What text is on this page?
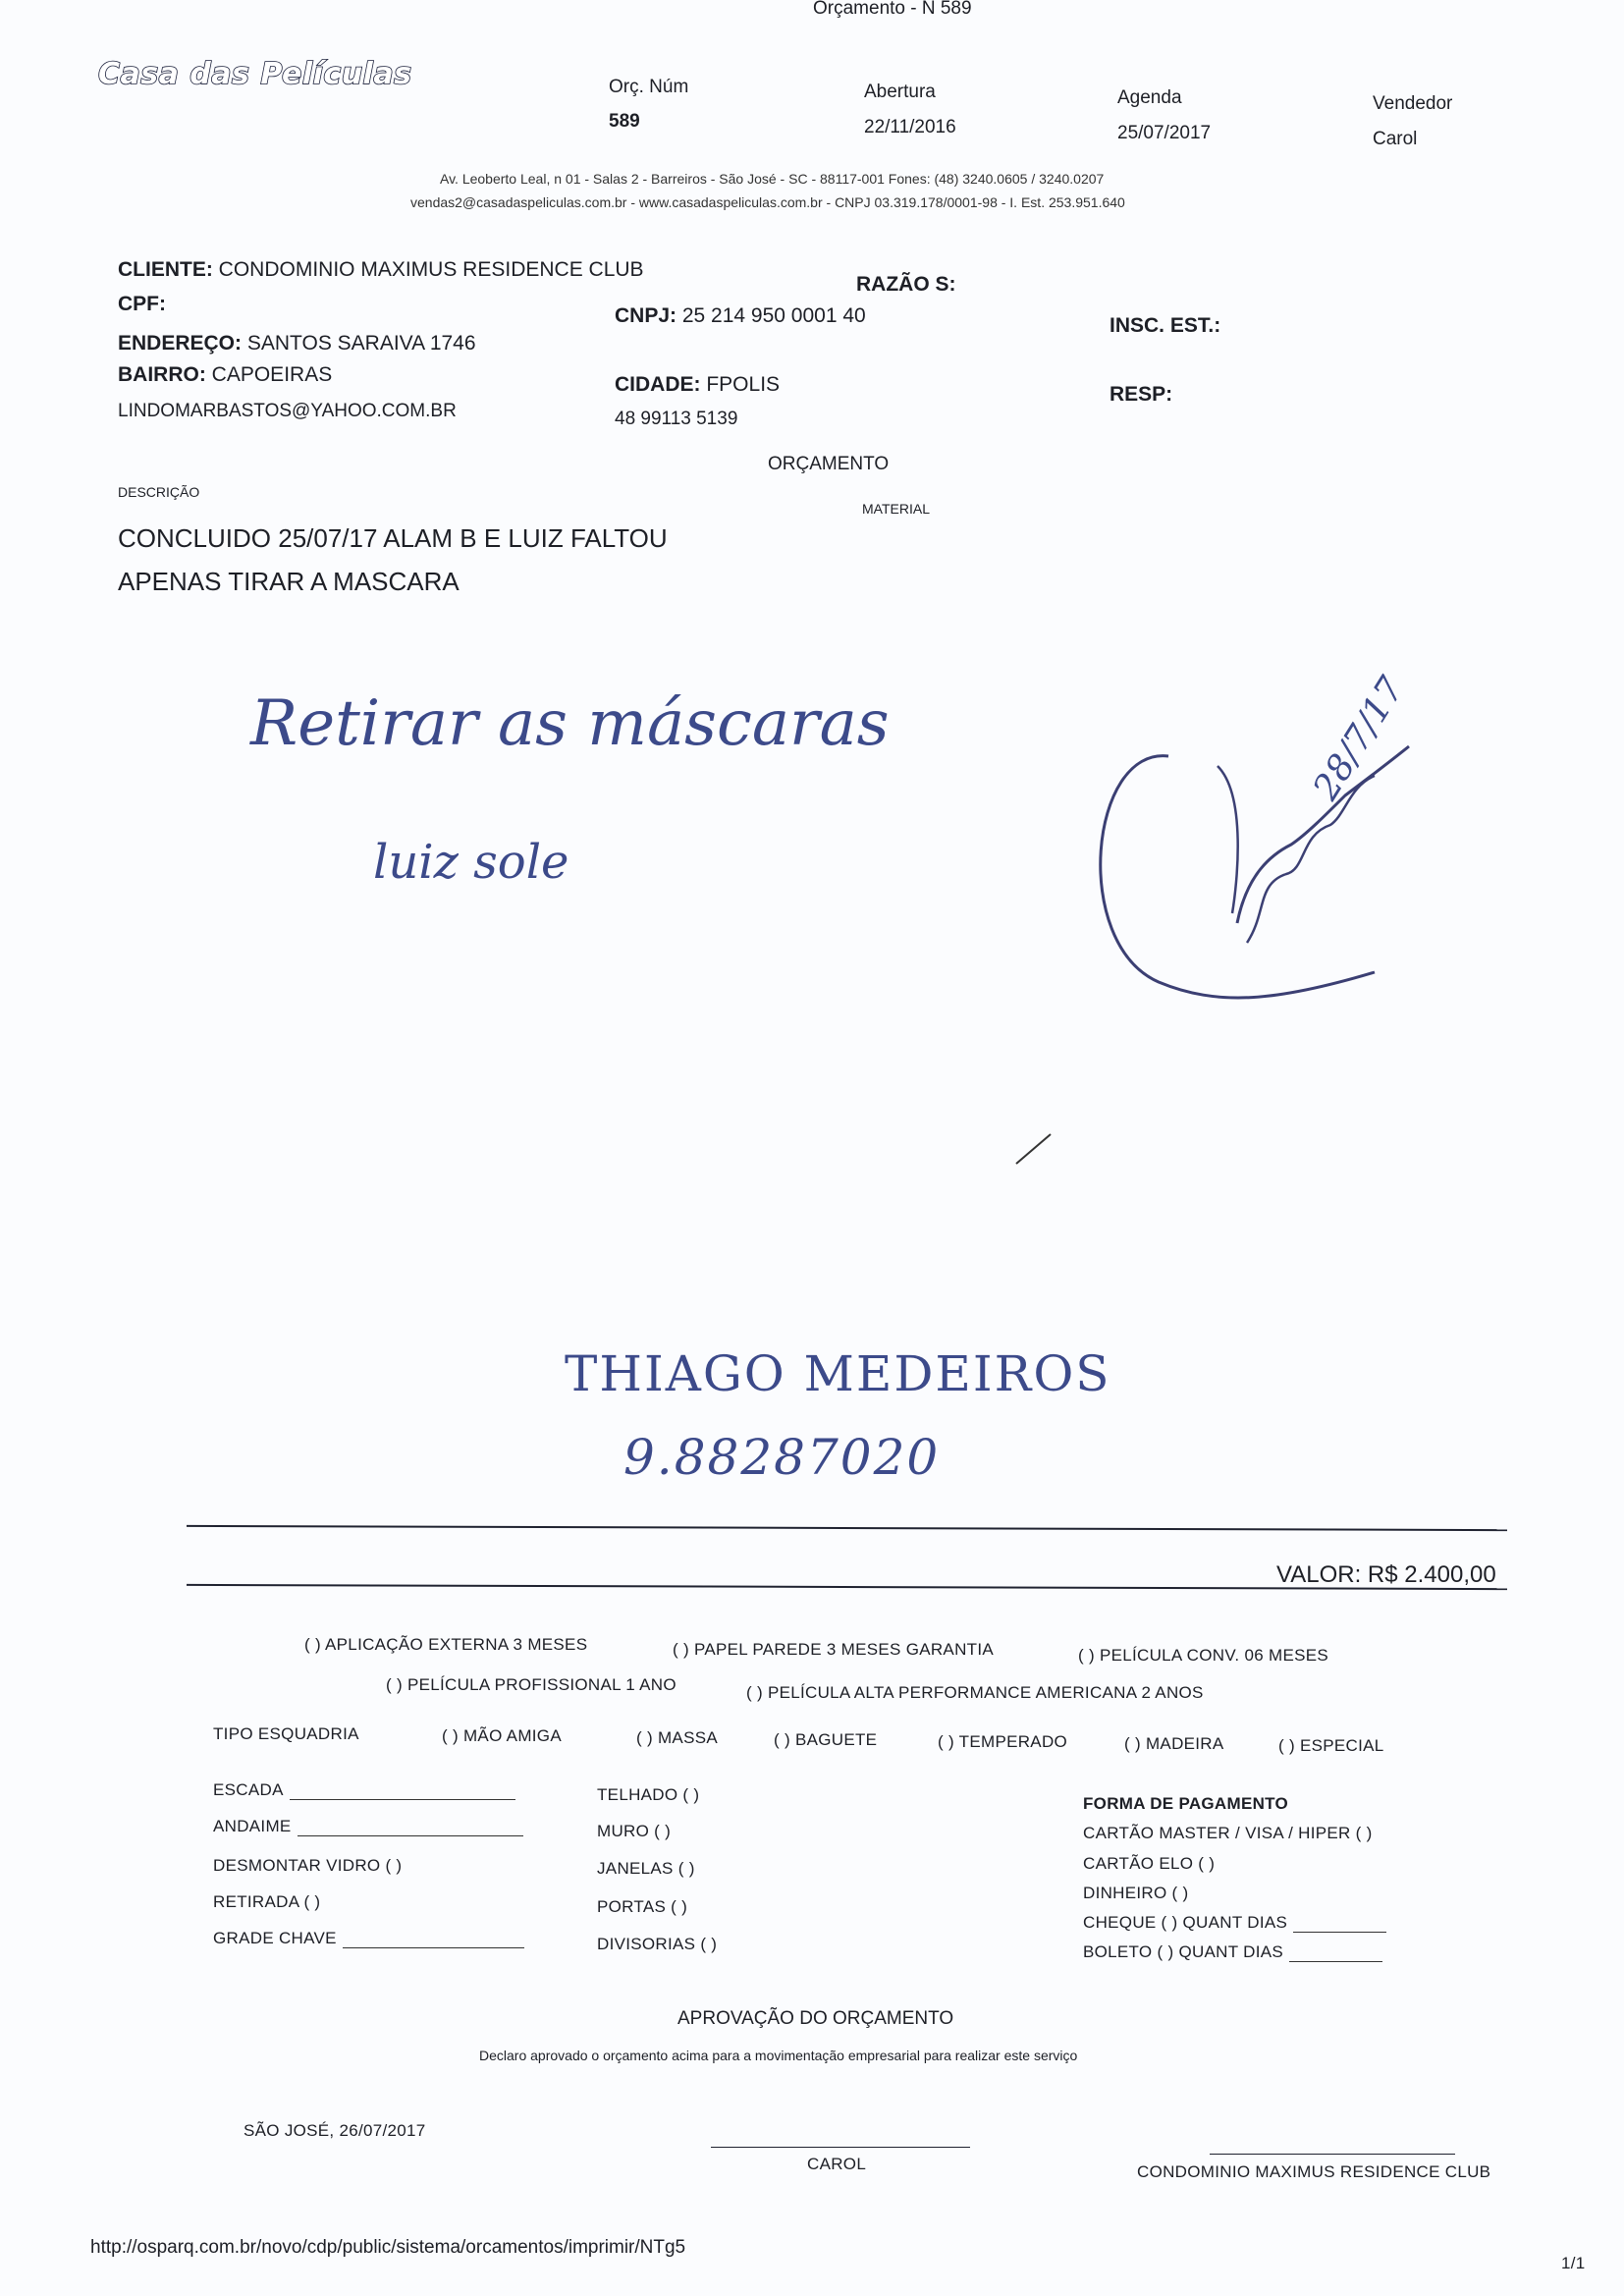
Orçamento - N 589
Casa das Películas	Orç. Núm
589
Abertura
22/11/2016
Agenda
25/07/2017
Vendedor
Carol
Av. Leoberto Leal, n 01 - Salas 2 - Barreiros - São José - SC - 88117-001 Fones: (48) 3240.0605 / 3240.0207
vendas2@casadaspeliculas.com.br - www.casadaspeliculas.com.br - CNPJ 03.319.178/0001-98 - I. Est. 253.951.640
CLIENTE: CONDOMINIO MAXIMUS RESIDENCE CLUB
RAZÃO S:
CPF:
CNPJ: 25 214 950 0001 40	INSC. EST.:
ENDEREÇO: SANTOS SARAIVA 1746
BAIRRO: CAPOEIRAS	CIDADE: FPOLIS	RESP:
LINDOMARBASTOS@YAHOO.COM.BR	48 99113 5139
ORÇAMENTO
DESCRIÇÃO
MATERIAL
CONCLUIDO 25/07/17 ALAM B E LUIZ FALTOU
APENAS TIRAR A MASCARA
Retirar as máscaras
luiz sole
28/7/17
THIAGO MEDEIROS
9.88287020
VALOR: R$ 2.400,00
( ) APLICAÇÃO EXTERNA 3 MESES	( ) PAPEL PAREDE 3 MESES GARANTIA	( ) PELÍCULA CONV. 06 MESES
( ) PELÍCULA PROFISSIONAL 1 ANO	( ) PELÍCULA ALTA PERFORMANCE AMERICANA 2 ANOS
TIPO ESQUADRIA	( ) MÃO AMIGA	( ) MASSA	( ) BAGUETE	( ) TEMPERADO	( ) MADEIRA	( ) ESPECIAL
ESCADA
ANDAIME
DESMONTAR VIDRO ( )
RETIRADA ( )
GRADE CHAVE
TELHADO ( )
MURO ( )
JANELAS ( )
PORTAS ( )
DIVISORIAS ( )
FORMA DE PAGAMENTO
CARTÃO MASTER / VISA / HIPER ( )
CARTÃO ELO ( )
DINHEIRO ( )
CHEQUE ( ) QUANT DIAS
BOLETO ( ) QUANT DIAS
APROVAÇÃO DO ORÇAMENTO
Declaro aprovado o orçamento acima para a movimentação empresarial para realizar este serviço
SÃO JOSÉ, 26/07/2017
CAROL	CONDOMINIO MAXIMUS RESIDENCE CLUB
http://osparq.com.br/novo/cdp/public/sistema/orcamentos/imprimir/NTg5
1/1
